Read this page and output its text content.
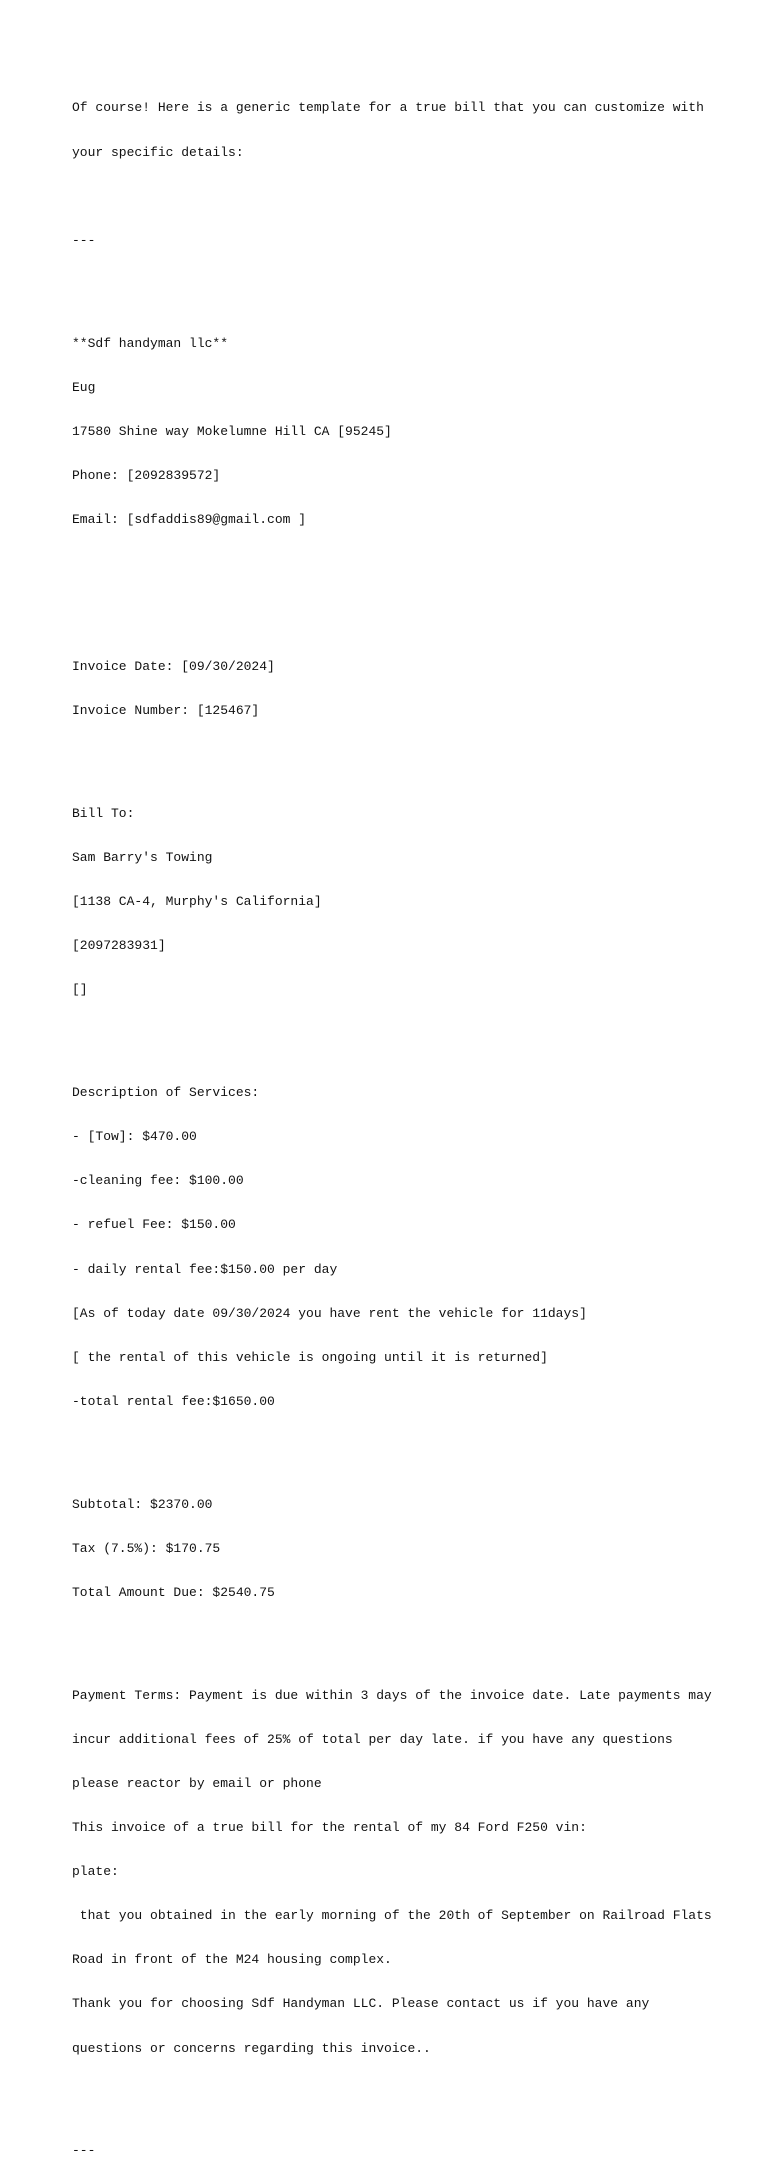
Of course! Here is a generic template for a true bill that you can customize with

your specific details:

---

**Sdf handyman llc**

Eug

17580 Shine way Mokelumne Hill CA [95245]

Phone: [2092839572]

Email: [sdfaddis89@gmail.com ]

Invoice Date: [09/30/2024]

Invoice Number: [125467]

Bill To:

Sam Barry's Towing

[1138 CA-4, Murphy's California]

[2097283931]

[]

Description of Services:

- [Tow]: $470.00

-cleaning fee: $100.00

- refuel Fee: $150.00

- daily rental fee:$150.00 per day

[As of today date 09/30/2024 you have rent the vehicle for 11days]

[ the rental of this vehicle is ongoing until it is returned]

-total rental fee:$1650.00

Subtotal: $2370.00

Tax (7.5%): $170.75

Total Amount Due: $2540.75

Payment Terms: Payment is due within 3 days of the invoice date. Late payments may

incur additional fees of 25% of total per day late. if you have any questions

please reactor by email or phone

This invoice of a true bill for the rental of my 84 Ford F250 vin:

plate:

that you obtained in the early morning of the 20th of September on Railroad Flats

Road in front of the M24 housing complex.

Thank you for choosing Sdf Handyman LLC. Please contact us if you have any

questions or concerns regarding this invoice..

---
